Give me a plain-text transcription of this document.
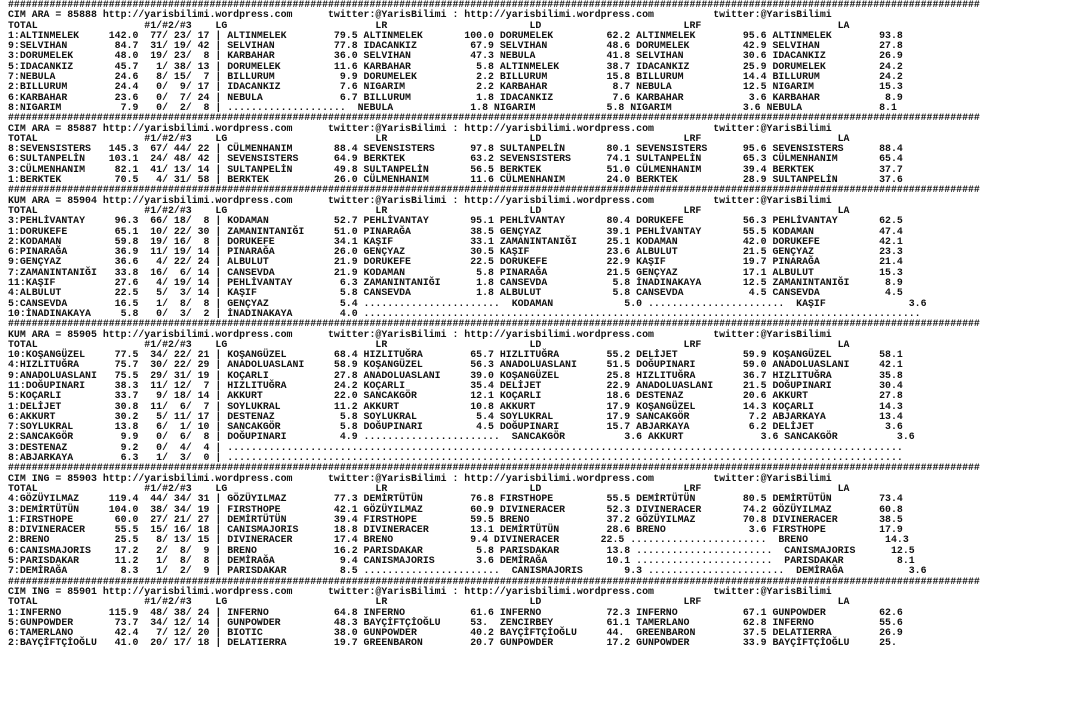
####################################################################################################################################################################
CIM ARA = 85888 http://yarisbilimi.wordpress.com      twitter:@YarisBilimi : http://yarisbilimi.wordpress.com          twitter:@YarisBilimi
TOTAL                  #1/#2/#3    LG                         LR                        LD                        LRF                       LA
1:ALTINMELEK     142.0  77/ 23/ 17 | ALTINMELEK        79.5 ALTINMELEK       100.0 DORUMELEK         62.2 ALTINMELEK        95.6 ALTINMELEK        93.8
9:SELVIHAN        84.7  31/ 19/ 42 | SELVIHAN          77.8 IDACANKIZ         67.9 SELVIHAN          48.6 DORUMELEK         42.9 SELVIHAN          27.8
3:DORUMELEK       48.0  19/ 23/  8 | KARBAHAR          36.0 SELVIHAN          47.3 NEBULA            41.8 SELVIHAN          30.6 IDACANKIZ         26.9
5:IDACANKIZ       45.7   1/ 38/ 13 | DORUMELEK         11.6 KARBAHAR           5.8 ALTINMELEK        38.7 IDACANKIZ         25.9 DORUMELEK         24.2
7:NEBULA          24.6   8/ 15/  7 | BILLURUM           9.9 DORUMELEK          2.2 BILLURUM          15.8 BILLURUM          14.4 BILLURUM          24.2
2:BILLURUM        24.4   0/  9/ 17 | IDACANKIZ          7.6 NIGARIM            2.2 KARBAHAR           8.7 NEBULA            12.5 NIGARIM           15.3
6:KARBAHAR        23.6   0/  7/ 24 | NEBULA             6.7 BILLURUM           1.8 IDACANKIZ          7.6 KARBAHAR           3.6 KARBAHAR           8.9
8:NIGARIM          7.9   0/  2/  8 | ....................  NEBULA             1.8 NIGARIM            5.8 NIGARIM            3.6 NEBULA             8.1
####################################################################################################################################################################
CIM ARA = 85887 http://yarisbilimi.wordpress.com      twitter:@YarisBilimi : http://yarisbilimi.wordpress.com          twitter:@YarisBilimi
TOTAL                  #1/#2/#3    LG                         LR                        LD                        LRF                       LA
8:SEVENSISTERS   145.3  67/ 44/ 22 | CÜLMENHANIM       88.4 SEVENSISTERS      97.8 SULTANPELİN       80.1 SEVENSISTERS      95.6 SEVENSISTERS      88.4
6:SULTANPELİN    103.1  24/ 48/ 42 | SEVENSISTERS      64.9 BERKTEK           63.2 SEVENSISTERS      74.1 SULTANPELİN       65.3 CÜLMENHANIM       65.4
3:CÜLMENHANIM     82.1  41/ 13/ 14 | SULTANPELİN       49.8 SULTANPELİN       56.5 BERKTEK           51.0 CÜLMENHANIM       39.4 BERKTEK           37.7
1:BERKTEK         70.5   4/ 31/ 58 | BERKTEK           26.0 CÜLMENHANIM       11.6 CÜLMENHANIM       24.0 BERKTEK           28.9 SULTANPELİN       37.6
####################################################################################################################################################################
KUM ARA = 85904 http://yarisbilimi.wordpress.com      twitter:@YarisBilimi : http://yarisbilimi.wordpress.com          twitter:@YarisBilimi
TOTAL                  #1/#2/#3    LG                         LR                        LD                        LRF                       LA
3:PEHLİVANTAY     96.3  66/ 18/  8 | KODAMAN           52.7 PEHLİVANTAY       95.1 PEHLİVANTAY       80.4 DORUKEFE          56.3 PEHLİVANTAY       62.5
1:DORUKEFE        65.1  10/ 22/ 30 | ZAMANINTANIĞI     51.0 PINARAĞA          38.5 GENÇYAZ           39.1 PEHLİVANTAY       55.5 KODAMAN           47.4
2:KODAMAN         59.8  19/ 16/  8 | DORUKEFE          34.1 KAŞIF             33.1 ZAMANINTANIĞI     25.1 KODAMAN           42.0 DORUKEFE          42.1
6:PINARAĞA        36.9  11/ 19/ 14 | PINARAĞA          26.0 GENÇYAZ           30.5 KAŞIF             23.6 ALBULUT           21.5 GENÇYAZ           23.3
9:GENÇYAZ         36.6   4/ 22/ 24 | ALBULUT           21.9 DORUKEFE          22.5 DORUKEFE          22.9 KAŞIF             19.7 PINARAĞA          21.4
7:ZAMANINTANIĞI   33.8  16/  6/ 14 | CANSEVDA          21.9 KODAMAN            5.8 PINARAĞA          21.5 GENÇYAZ           17.1 ALBULUT           15.3
11:KAŞIF          27.6   4/ 19/ 14 | PEHLİVANTAY        6.3 ZAMANINTANIĞI      1.8 CANSEVDA           5.8 İNADINAKAYA       12.5 ZAMANINTANIĞI      8.9
4:ALBULUT         22.5   5/  3/ 14 | KAŞIF              5.8 CANSEVDA           1.8 ALBULUT            5.8 CANSEVDA           4.5 CANSEVDA           4.5
5:CANSEVDA        16.5   1/  8/  8 | GENÇYAZ            5.4 .......................  KODAMAN            5.0 .......................  KAŞIF              3.6
10:İNADINAKAYA     5.8   0/  3/  2 | İNADINAKAYA        4.0 ..............................................................................................
####################################################################################################################################################################
KUM ARA = 85905 http://yarisbilimi.wordpress.com      twitter:@YarisBilimi : http://yarisbilimi.wordpress.com          twitter:@YarisBilimi
TOTAL                  #1/#2/#3    LG                         LR                        LD                        LRF                       LA
10:KOŞANGÜZEL     77.5  34/ 22/ 21 | KOŞANGÜZEL        68.4 HIZLITUĞRA        65.7 HIZLITUĞRA        55.2 DELİJET           59.9 KOŞANGÜZEL        58.1
4:HIZLITUĞRA      75.7  30/ 22/ 29 | ANADOLUASLANI     58.9 KOŞANGÜZEL        56.3 ANADOLUASLANI     51.5 DOĞUPINARI        59.0 ANADOLUASLANI     42.1
9:ANADOLUASLANI   75.5  29/ 31/ 19 | KOÇARLI           27.8 ANADOLUASLANI     39.0 KOŞANGÜZEL        25.8 HIZLITUĞRA        36.7 HIZLITUĞRA        35.8
11:DOĞUPINARI     38.3  11/ 12/  7 | HIZLITUĞRA        24.2 KOÇARLI           35.4 DELİJET           22.9 ANADOLUASLANI     21.5 DOĞUPINARI        30.4
5:KOÇARLI         33.7   9/ 18/ 14 | AKKURT            22.0 SANCAKGÖR         12.1 KOÇARLI           18.6 DESTENAZ          20.6 AKKURT            27.8
1:DELİJET         30.8  11/  6/  7 | SOYLUKRAL         11.2 AKKURT            10.8 AKKURT            17.9 KOŞANGÜZEL        14.3 KOÇARLI           14.3
6:AKKURT          30.2   5/ 11/ 17 | DESTENAZ           5.8 SOYLUKRAL          5.4 SOYLUKRAL         17.9 SANCAKGÖR          7.2 ABJARKAYA         13.4
7:SOYLUKRAL       13.8   6/  1/ 10 | SANCAKGÖR          5.8 DOĞUPINARI         4.5 DOĞUPINARI        15.7 ABJARKAYA          6.2 DELİJET            3.6
2:SANCAKGÖR        9.9   0/  6/  8 | DOĞUPINARI         4.9 .......................  SANCAKGÖR          3.6 AKKURT             3.6 SANCAKGÖR          3.6
3:DESTENAZ         9.2   0/  4/  4 | ..................................................................................................................
8:ABJARKAYA        6.3   1/  3/  0 | ..................................................................................................................
####################################################################################################################################################################
CIM ING = 85903 http://yarisbilimi.wordpress.com      twitter:@YarisBilimi : http://yarisbilimi.wordpress.com          twitter:@YarisBilimi
TOTAL                  #1/#2/#3    LG                         LR                        LD                        LRF                       LA
4:GÖZÜYILMAZ     119.4  44/ 34/ 31 | GÖZÜYILMAZ        77.3 DEMİRTÜTÜN        76.8 FIRSTHOPE         55.5 DEMİRTÜTÜN        80.5 DEMİRTÜTÜN        73.4
3:DEMİRTÜTÜN     104.0  38/ 34/ 19 | FIRSTHOPE         42.1 GÖZÜYILMAZ        60.9 DIVINERACER       52.3 DIVINERACER       74.2 GÖZÜYILMAZ        60.8
1:FIRSTHOPE       60.0  27/ 21/ 27 | DEMİRTÜTÜN        39.4 FIRSTHOPE         59.5 BRENO             37.2 GÖZÜYILMAZ        70.8 DIVINERACER       38.5
8:DIVINERACER     55.5  15/ 16/ 18 | CANISMAJORIS      18.8 DIVINERACER       13.1 DEMİRTÜTÜN        28.6 BRENO              3.6 FIRSTHOPE         17.9
2:BRENO           25.5   8/ 13/ 15 | DIVINERACER       17.4 BRENO             9.4 DIVINERACER       22.5 .......................  BRENO             14.3
6:CANISMAJORIS    17.2   2/  8/  9 | BRENO             16.2 PARISDAKAR         5.8 PARISDAKAR        13.8 .......................  CANISMAJORIS      12.5
5:PARISDAKAR      11.2   1/  8/  8 | DEMİRAĞA           9.4 CANISMAJORIS       3.6 DEMİRAĞA          10.1 .......................  PARISDAKAR         8.1
7:DEMİRAĞA         8.3   1/  2/  9 | PARISDAKAR         8.5 .......................  CANISMAJORIS       9.3 .......................  DEMİRAĞA           3.6
####################################################################################################################################################################
CIM ING = 85901 http://yarisbilimi.wordpress.com      twitter:@YarisBilimi : http://yarisbilimi.wordpress.com          twitter:@YarisBilimi
TOTAL                  #1/#2/#3    LG                         LR                        LD                        LRF                       LA
1:INFERNO        115.9  48/ 38/ 24 | INFERNO           64.8 INFERNO           61.6 INFERNO           72.3 INFERNO           67.1 GUNPOWDER         62.6
5:GUNPOWDER       73.7  34/ 12/ 14 | GUNPOWDER         48.3 BAYÇİFTÇİOĞLU     53.  ZENCIRBEY         61.1 TAMERLANO         62.8 INFERNO           55.6
6:TAMERLANO       42.4   7/ 12/ 20 | BIOTIC            38.0 GUNPOWDER         40.2 BAYÇİFTÇİOĞLU     44.  GREENBARON        37.5 DELATIERRA        26.9
2:BAYÇİFTÇİOĞLU   41.0  20/ 17/ 18 | DELATIERRA        19.7 GREENBARON        20.7 GUNPOWDER         17.2 GUNPOWDER         33.9 BAYÇİFTÇİOĞLU     25.
